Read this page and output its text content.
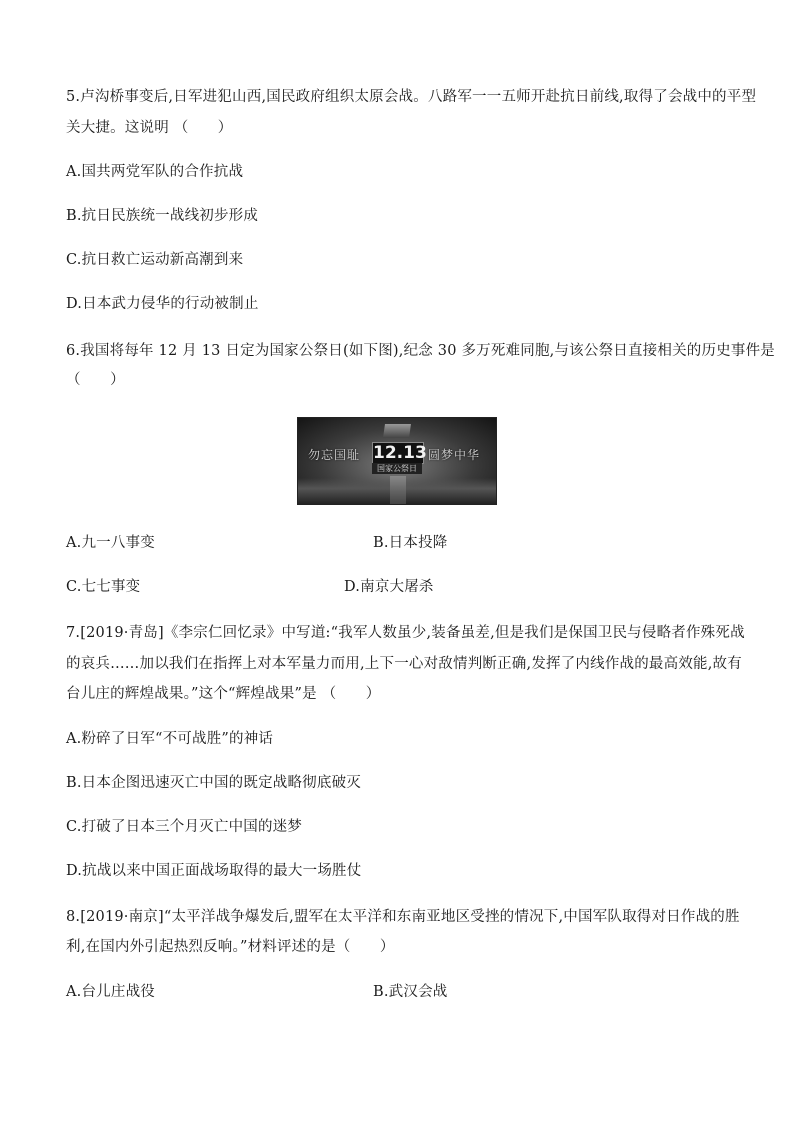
5.卢沟桥事变后,日军进犯山西,国民政府组织太原会战。八路军一一五师开赴抗日前线,取得了会战中的平型
关大捷。这说明 （　　）
A.国共两党军队的合作抗战
B.抗日民族统一战线初步形成
C.抗日救亡运动新高潮到来
D.日本武力侵华的行动被制止
6.我国将每年 12 月 13 日定为国家公祭日(如下图),纪念 30 多万死难同胞,与该公祭日直接相关的历史事件是
（　　）
勿忘国耻 12.13
国家公祭日
圆梦中华
A.九一八事变	B.日本投降
C.七七事变	D.南京大屠杀
7.[2019·青岛]《李宗仁回忆录》中写道:“我军人数虽少,装备虽差,但是我们是保国卫民与侵略者作殊死战
的哀兵……加以我们在指挥上对本军量力而用,上下一心对敌情判断正确,发挥了内线作战的最高效能,故有
台儿庄的辉煌战果。”这个“辉煌战果”是 （　　）
A.粉碎了日军“不可战胜”的神话
B.日本企图迅速灭亡中国的既定战略彻底破灭
C.打破了日本三个月灭亡中国的迷梦
D.抗战以来中国正面战场取得的最大一场胜仗
8.[2019·南京]“太平洋战争爆发后,盟军在太平洋和东南亚地区受挫的情况下,中国军队取得对日作战的胜
利,在国内外引起热烈反响。”材料评述的是（　　）
A.台儿庄战役	B.武汉会战
